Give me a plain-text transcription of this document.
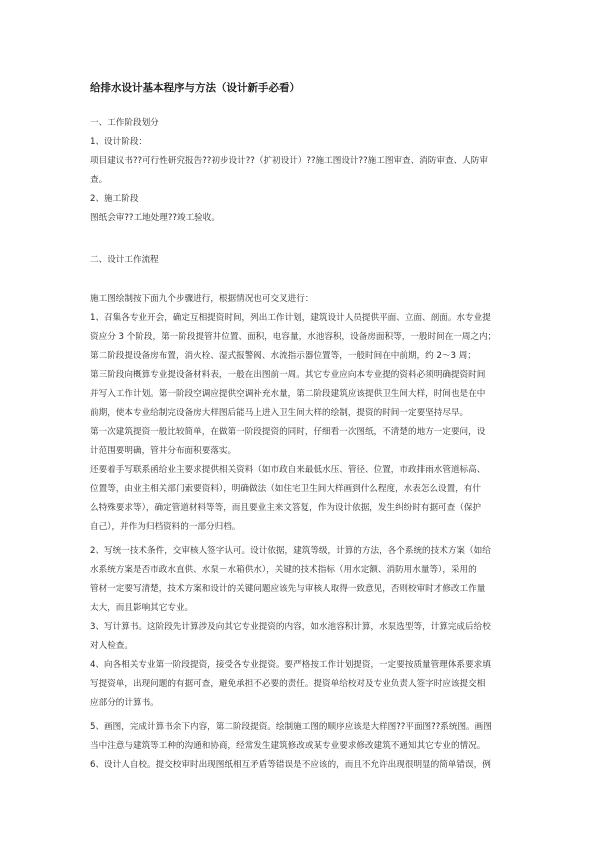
给排水设计基本程序与方法（设计新手必看）
一、工作阶段划分
1、设计阶段：
项目建议书??可行性研究报告??初步设计??（扩初设计）??施工图设计??施工图审查、消防审查、人防审
查。
2、施工阶段
图纸会审??工地处理??竣工验收。
二、设计工作流程
施工图绘制按下面九个步骤进行，根据情况也可交叉进行：
1、召集各专业开会，确定互相提资时间，列出工作计划，建筑设计人员提供平面、立面、剖面。水专业提
资应分 3 个阶段，第一阶段提管井位置、面积，电容量，水池容积，设备房面积等，一般时间在一周之内；
第二阶段提设备房布置，消火栓、湿式报警阀、水流指示器位置等，一般时间在中前期，约 2～3 周；
第三阶段向概算专业提设备材料表，一般在出图前一周。其它专业应向本专业提的资料必须明确提资时间
并写入工作计划。第一阶段空调应提供空调补充水量，第二阶段建筑应该提供卫生间大样，时间也是在中
前期，使本专业给制完设备房大样图后能马上进入卫生间大样的绘制，提资的时间一定要坚持尽早。
第一次建筑提资一般比较简单，在做第一阶段提资的同时，仔细看一次图纸，不清楚的地方一定要问，设
计范围要明确，管井分布面积要落实。
还要着手写联系函给业主要求提供相关资料（如市政自来最低水压、管径、位置，市政排雨水管道标高、
位置等，由业主相关部门索要资料），明确做法（如住宅卫生间大样画到什么程度，水表怎么设置，有什
么特殊要求等），确定管道材料等等，而且要业主来文答复，作为设计依据，发生纠纷时有据可查（保护
自己），并作为归档资料的一部分归档。
2、写统一技术条件，交审核人签字认可。设计依据，建筑等级，计算的方法，各个系统的技术方案（如给
水系统方案是否市政水直供、水泵－水箱供水），关键的技术指标（用水定额、消防用水量等），采用的
管材一定要写清楚，技术方案和设计的关键问题应该先与审核人取得一致意见，否则校审时才修改工作量
太大，而且影响其它专业。
3、写计算书。这阶段先计算涉及向其它专业提资的内容，如水池容积计算，水泵选型等，计算完成后给校
对人检查。
4、向各相关专业第一阶段提资，接受各专业提资。要严格按工作计划提资，一定要按质量管理体系要求填
写提资单，出现问题的有据可查，避免承担不必要的责任。提资单给校对及专业负责人签字时应该提交相
应部分的计算书。
5、画图，完成计算书余下内容，第二阶段提资。绘制施工图的顺序应该是大样图??平面图??系统图。画图
当中注意与建筑等工种的沟通和协商，经常发生建筑修改或某专业要求修改建筑不通知其它专业的情况。
6、设计人自校。提交校审时出现图纸相互矛盾等错误是不应该的，而且不允许出现很明显的简单错误，例
